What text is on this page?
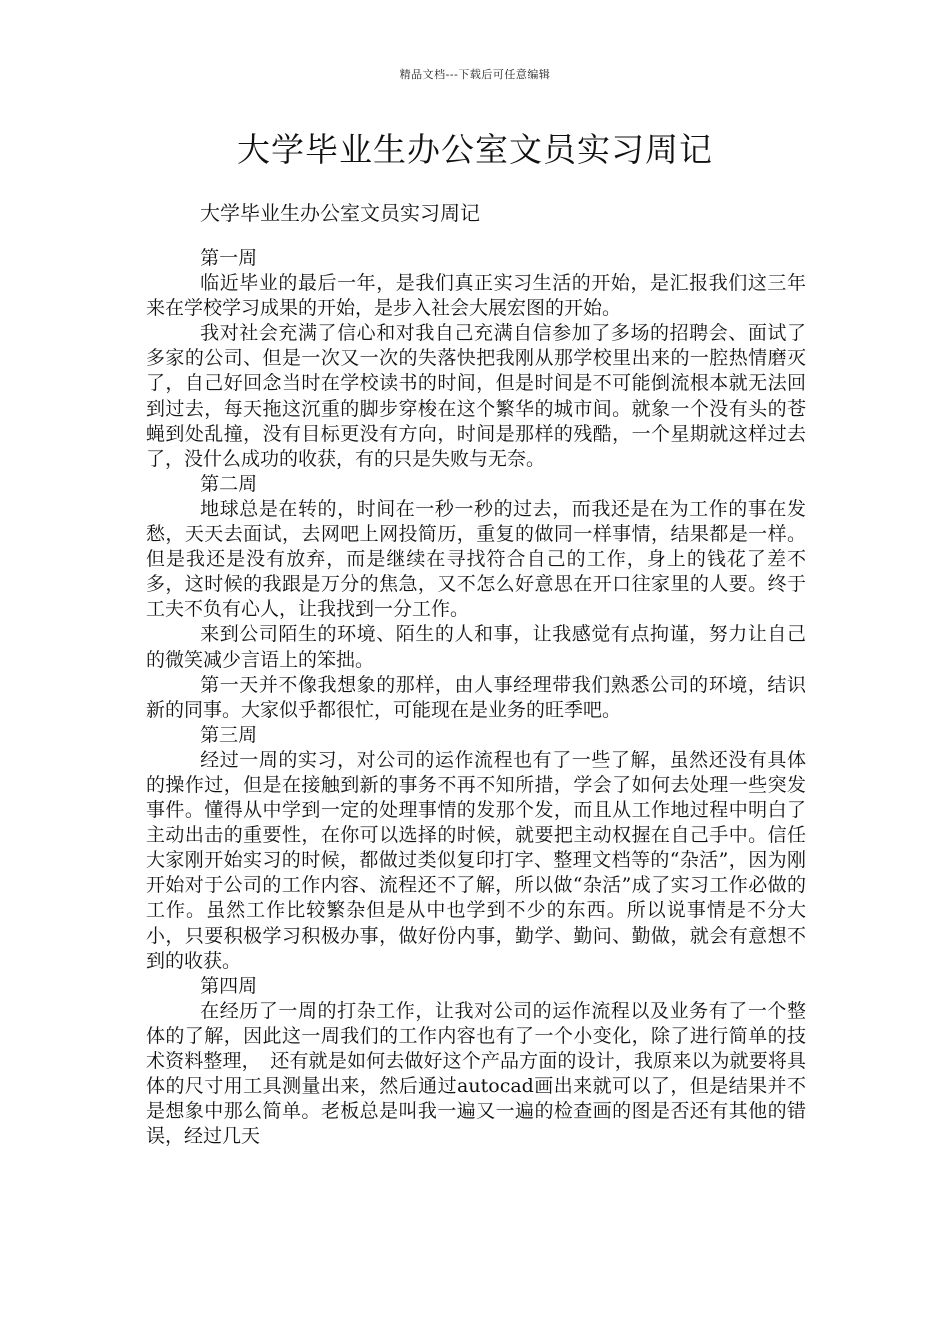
精品文档---下载后可任意编辑
大学毕业生办公室文员实习周记
大学毕业生办公室文员实习周记

第一周

临近毕业的最后一年，是我们真正实习生活的开始，是汇报我们这三年来在学校学习成果的开始，是步入社会大展宏图的开始。

我对社会充满了信心和对我自己充满自信参加了多场的招聘会、面试了多家的公司、但是一次又一次的失落快把我刚从那学校里出来的一腔热情磨灭了，自己好回念当时在学校读书的时间，但是时间是不可能倒流根本就无法回到过去，每天拖这沉重的脚步穿梭在这个繁华的城市间。就象一个没有头的苍蝇到处乱撞，没有目标更没有方向，时间是那样的残酷，一个星期就这样过去了，没什么成功的收获，有的只是失败与无奈。

第二周

地球总是在转的，时间在一秒一秒的过去，而我还是在为工作的事在发愁，天天去面试，去网吧上网投简历，重复的做同一样事情，结果都是一样。但是我还是没有放弃，而是继续在寻找符合自己的工作，身上的钱花了差不多，这时候的我跟是万分的焦急，又不怎么好意思在开口往家里的人要。终于工夫不负有心人，让我找到一分工作。

来到公司陌生的环境、陌生的人和事，让我感觉有点拘谨，努力让自己的微笑减少言语上的笨拙。

第一天并不像我想象的那样，由人事经理带我们熟悉公司的环境，结识新的同事。大家似乎都很忙，可能现在是业务的旺季吧。

第三周

经过一周的实习，对公司的运作流程也有了一些了解，虽然还没有具体的操作过，但是在接触到新的事务不再不知所措，学会了如何去处理一些突发事件。懂得从中学到一定的处理事情的发那个发，而且从工作地过程中明白了主动出击的重要性，在你可以选择的时候，就要把主动权握在自己手中。信任大家刚开始实习的时候，都做过类似复印打字、整理文档等的“杂活”，因为刚开始对于公司的工作内容、流程还不了解，所以做“杂活”成了实习工作必做的工作。虽然工作比较繁杂但是从中也学到不少的东西。所以说事情是不分大小，只要积极学习积极办事，做好份内事，勤学、勤问、勤做，就会有意想不到的收获。

第四周

在经历了一周的打杂工作，让我对公司的运作流程以及业务有了一个整体的了解，因此这一周我们的工作内容也有了一个小变化，除了进行简单的技术资料整理，　还有就是如何去做好这个产品方面的设计，我原来以为就要将具体的尺寸用工具测量出来，然后通过autocad画出来就可以了，但是结果并不是想象中那么简单。老板总是叫我一遍又一遍的检查画的图是否还有其他的错误，经过几天
